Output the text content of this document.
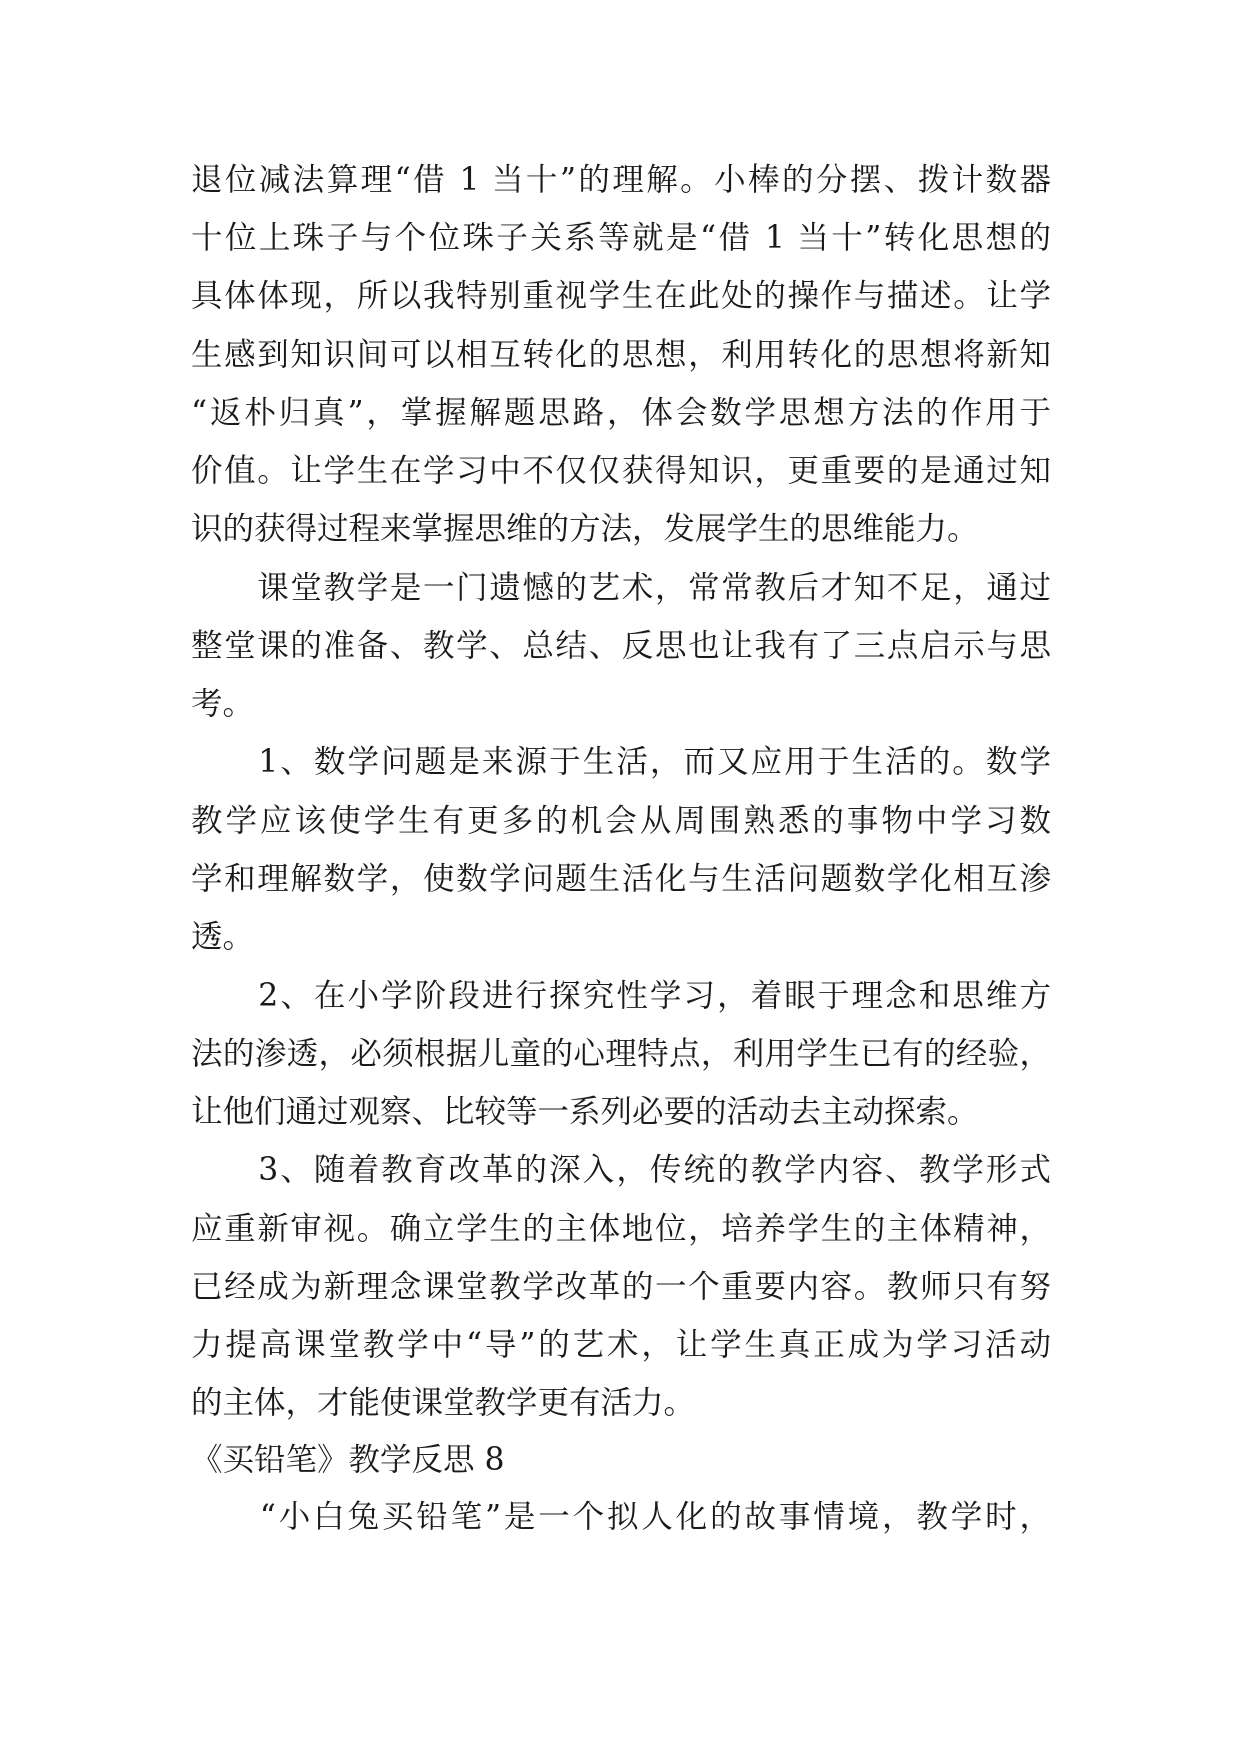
退位减法算理“借 1 当十”的理解。小棒的分摆、拨计数器
十位上珠子与个位珠子关系等就是“借 1 当十”转化思想的
具体体现，所以我特别重视学生在此处的操作与描述。让学
生感到知识间可以相互转化的思想，利用转化的思想将新知
“返朴归真”，掌握解题思路，体会数学思想方法的作用于
价值。让学生在学习中不仅仅获得知识，更重要的是通过知
识的获得过程来掌握思维的方法，发展学生的思维能力。
　　课堂教学是一门遗憾的艺术，常常教后才知不足，通过
整堂课的准备、教学、总结、反思也让我有了三点启示与思
考。
　　1、数学问题是来源于生活，而又应用于生活的。数学
教学应该使学生有更多的机会从周围熟悉的事物中学习数
学和理解数学，使数学问题生活化与生活问题数学化相互渗
透。
　　2、在小学阶段进行探究性学习，着眼于理念和思维方
法的渗透，必须根据儿童的心理特点，利用学生已有的经验，
让他们通过观察、比较等一系列必要的活动去主动探索。
　　3、随着教育改革的深入，传统的教学内容、教学形式
应重新审视。确立学生的主体地位，培养学生的主体精神，
已经成为新理念课堂教学改革的一个重要内容。教师只有努
力提高课堂教学中“导”的艺术，让学生真正成为学习活动
的主体，才能使课堂教学更有活力。
《买铅笔》教学反思 8
　　“小白兔买铅笔”是一个拟人化的故事情境，教学时，
